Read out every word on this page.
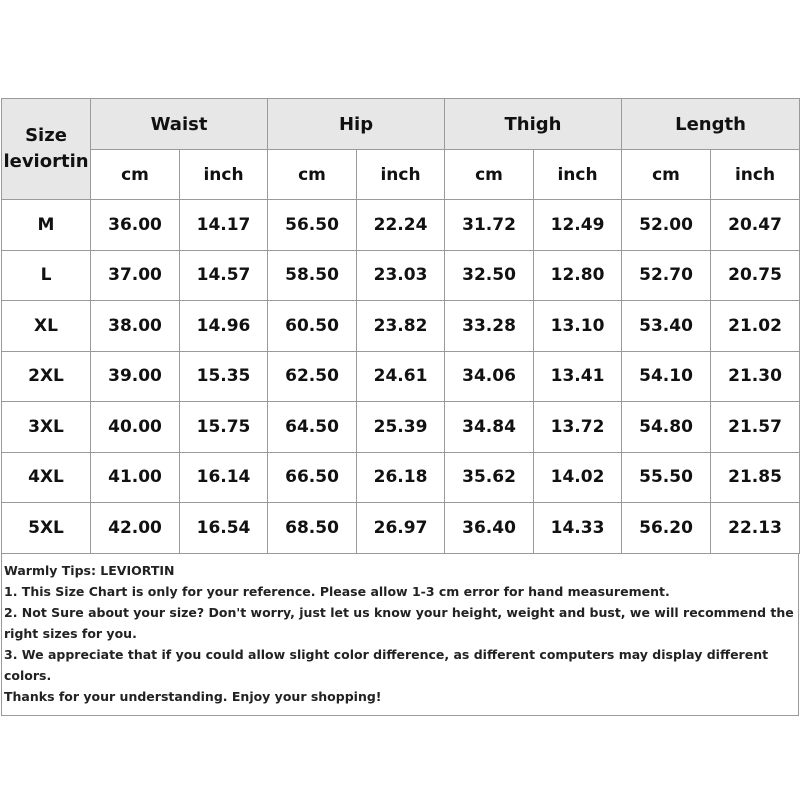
Size
leviortin	Waist		Hip		Thigh		Length	
	cm	inch	cm	inch	cm	inch	cm	inch
M	36.00	14.17	56.50	22.24	31.72	12.49	52.00	20.47
L	37.00	14.57	58.50	23.03	32.50	12.80	52.70	20.75
XL	38.00	14.96	60.50	23.82	33.28	13.10	53.40	21.02
2XL	39.00	15.35	62.50	24.61	34.06	13.41	54.10	21.30
3XL	40.00	15.75	64.50	25.39	34.84	13.72	54.80	21.57
4XL	41.00	16.14	66.50	26.18	35.62	14.02	55.50	21.85
5XL	42.00	16.54	68.50	26.97	36.40	14.33	56.20	22.13
Warmly Tips: LEVIORTIN
1. This Size Chart is only for your reference. Please allow 1-3 cm error for hand measurement.
2. Not Sure about your size? Don't worry, just let us know your height, weight and bust, we will recommend the right sizes for you.
3. We appreciate that if you could allow slight color difference, as different computers may display different colors.
Thanks for your understanding. Enjoy your shopping!
